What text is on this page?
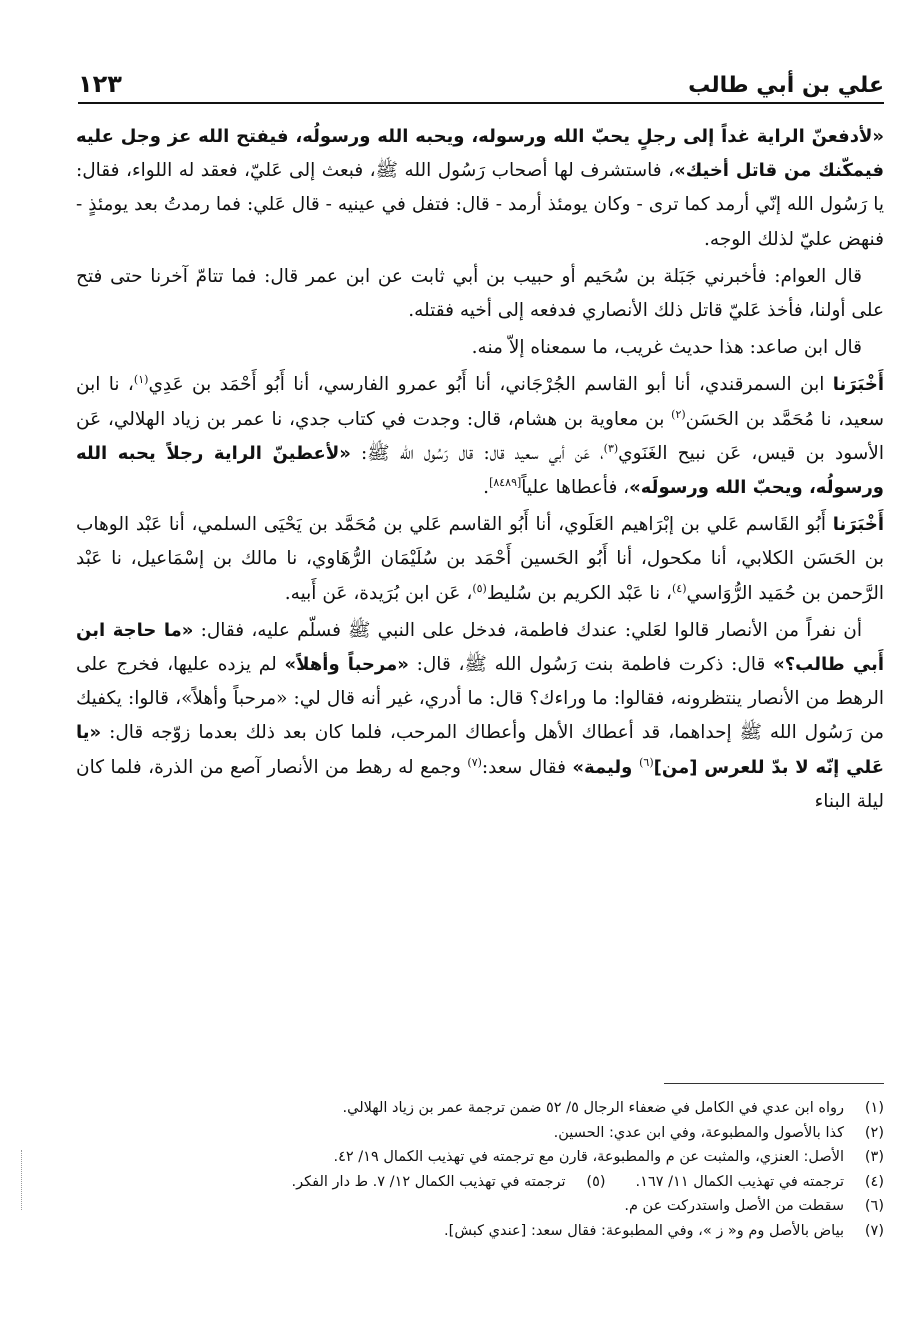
علي بن أبي طالب
١٢٣

«لأدفعنّ الراية غداً إلى رجلٍ يحبّ الله ورسوله، ويحبه الله ورسولُه، فيفتح الله عز وجل عليه فيمكّنك من قاتل أخيك»، فاستشرف لها أصحاب رَسُول الله ﷺ، فبعث إلى عَليّ، فعقد له اللواء، فقال: يا رَسُول الله إنّي أرمد كما ترى - وكان يومئذ أرمد - قال: فتفل في عينيه - قال عَلي: فما رمدتُ بعد يومئذٍ - فنهض عليّ لذلك الوجه.

قال العوام: فأخبرني جَبَلة بن سُحَيم أو حبيب بن أبي ثابت عن ابن عمر قال: فما تتامّ آخرنا حتى فتح على أولنا، فأخذ عَليّ قاتل ذلك الأنصاري فدفعه إلى أخيه فقتله.

قال ابن صاعد: هذا حديث غريب، ما سمعناه إلاّ منه.

أَخْبَرَنا ابن السمرقندي، أنا أبو القاسم الجُرْجَاني، أنا أَبُو عمرو الفارسي، أنا أَبُو أَحْمَد بن عَدِي$^{(١)}$، نا ابن سعيد، نا مُحَمَّد بن الحَسَن$^{(٢)}$ بن معاوية بن هشام، قال: وجدت في كتاب جدي، نا عمر بن زياد الهلالي، عَن الأسود بن قيس، عَن نبيح الغَنَوي$^{(٣)}$، عَن أبي سعيد قال: قال رَسُول الله ﷺ: «لأعطينّ الراية رجلاً يحبه الله ورسولُه، ويحبّ الله ورسولَه»، فأعطاها علياً[٨٤٨٩].

أَخْبَرَنا أَبُو القَاسم عَلي بن إبْرَاهيم العَلَوي، أنا أَبُو القاسم عَلي بن مُحَمَّد بن يَحْيَى السلمي، أنا عَبْد الوهاب بن الحَسَن الكلابي، أنا مكحول، أنا أَبُو الحَسين أَحْمَد بن سُلَيْمَان الرُّهَاوي، نا مالك بن إسْمَاعيل، نا عَبْد الرَّحمن بن حُمَيد الرُّوَاسي$^{(٤)}$، نا عَبْد الكريم بن سُليط$^{(٥)}$، عَن ابن بُرَيدة، عَن أَبيه.

أن نفراً من الأنصار قالوا لعَلي: عندك فاطمة، فدخل على النبي ﷺ فسلّم عليه، فقال: «ما حاجة ابن أَبي طالب؟» قال: ذكرت فاطمة بنت رَسُول الله ﷺ، قال: «مرحباً وأهلاً» لم يزده عليها، فخرج على الرهط من الأنصار ينتظرونه، فقالوا: ما وراءك؟ قال: ما أدري، غير أنه قال لي: «مرحباً وأهلاً»، قالوا: يكفيك من رَسُول الله ﷺ إحداهما، قد أعطاك الأهل وأعطاك المرحب، فلما كان بعد ذلك بعدما زوّجه قال: «يا عَلي إنّه لا بدّ للعرس [من]$^{(٦)}$ وليمة» فقال سعد:$^{(٧)}$ وجمع له رهط من الأنصار آصع من الذرة، فلما كان ليلة البناء

(١)
رواه ابن عدي في الكامل في ضعفاء الرجال ٥/ ٥٢ ضمن ترجمة عمر بن زياد الهلالي.
(٢)
كذا بالأصول والمطبوعة، وفي ابن عدي: الحسين.
(٣)
الأصل: العنزي، والمثبت عن م والمطبوعة، قارن مع ترجمته في تهذيب الكمال ١٩/ ٤٢.
(٤)
ترجمته في تهذيب الكمال ١١/ ١٦٧.
(٥)
ترجمته في تهذيب الكمال ١٢/ ٧. ط دار الفكر.
(٦)
سقطت من الأصل واستدركت عن م.
(٧)
بياض بالأصل وم و« ز »، وفي المطبوعة: فقال سعد: [عندي كبش].
